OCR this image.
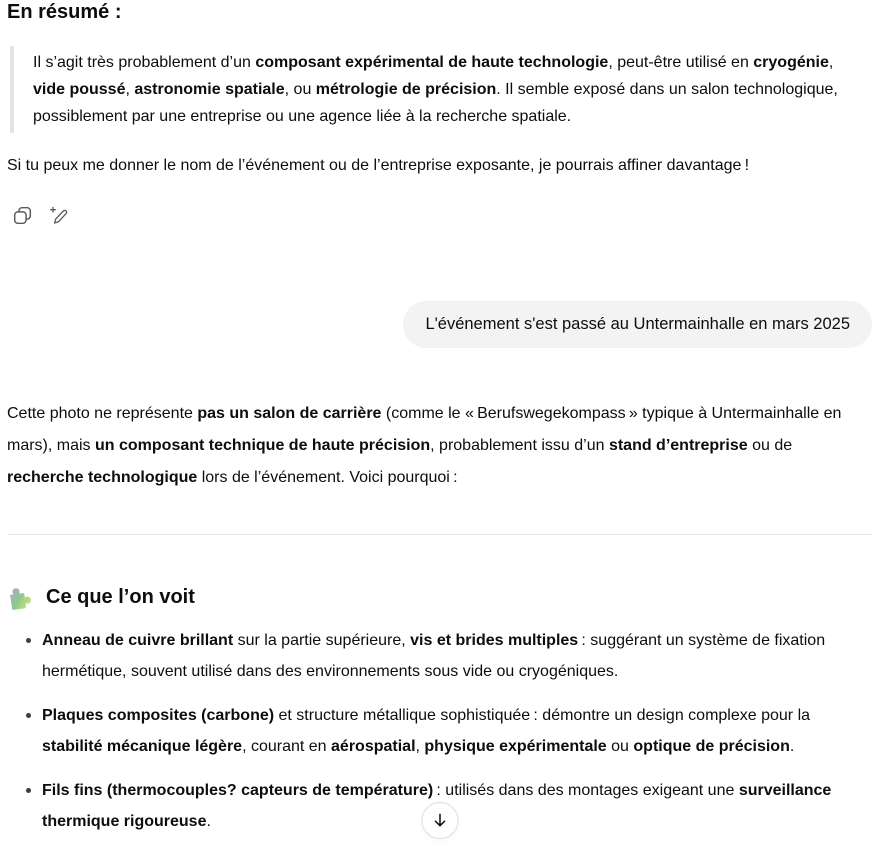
En résumé :

Il s’agit très probablement d’un composant expérimental de haute technologie, peut-être utilisé en cryogénie, vide poussé, astronomie spatiale, ou métrologie de précision. Il semble exposé dans un salon technologique, possiblement par une entreprise ou une agence liée à la recherche spatiale.

Si tu peux me donner le nom de l’événement ou de l’entreprise exposante, je pourrais affiner davantage !

L'événement s'est passé au Untermainhalle en mars 2025

Cette photo ne représente pas un salon de carrière (comme le « Berufswegekompass » typique à Untermainhalle en mars), mais un composant technique de haute précision, probablement issu d’un stand d’entreprise ou de recherche technologique lors de l’événement. Voici pourquoi :

Ce que l’on voit

Anneau de cuivre brillant sur la partie supérieure, vis et brides multiples : suggérant un système de fixation hermétique, souvent utilisé dans des environnements sous vide ou cryogéniques.

Plaques composites (carbone) et structure métallique sophistiquée : démontre un design complexe pour la stabilité mécanique légère, courant en aérospatial, physique expérimentale ou optique de précision.

Fils fins (thermocouples? capteurs de température) : utilisés dans des montages exigeant une surveillance thermique rigoureuse.
